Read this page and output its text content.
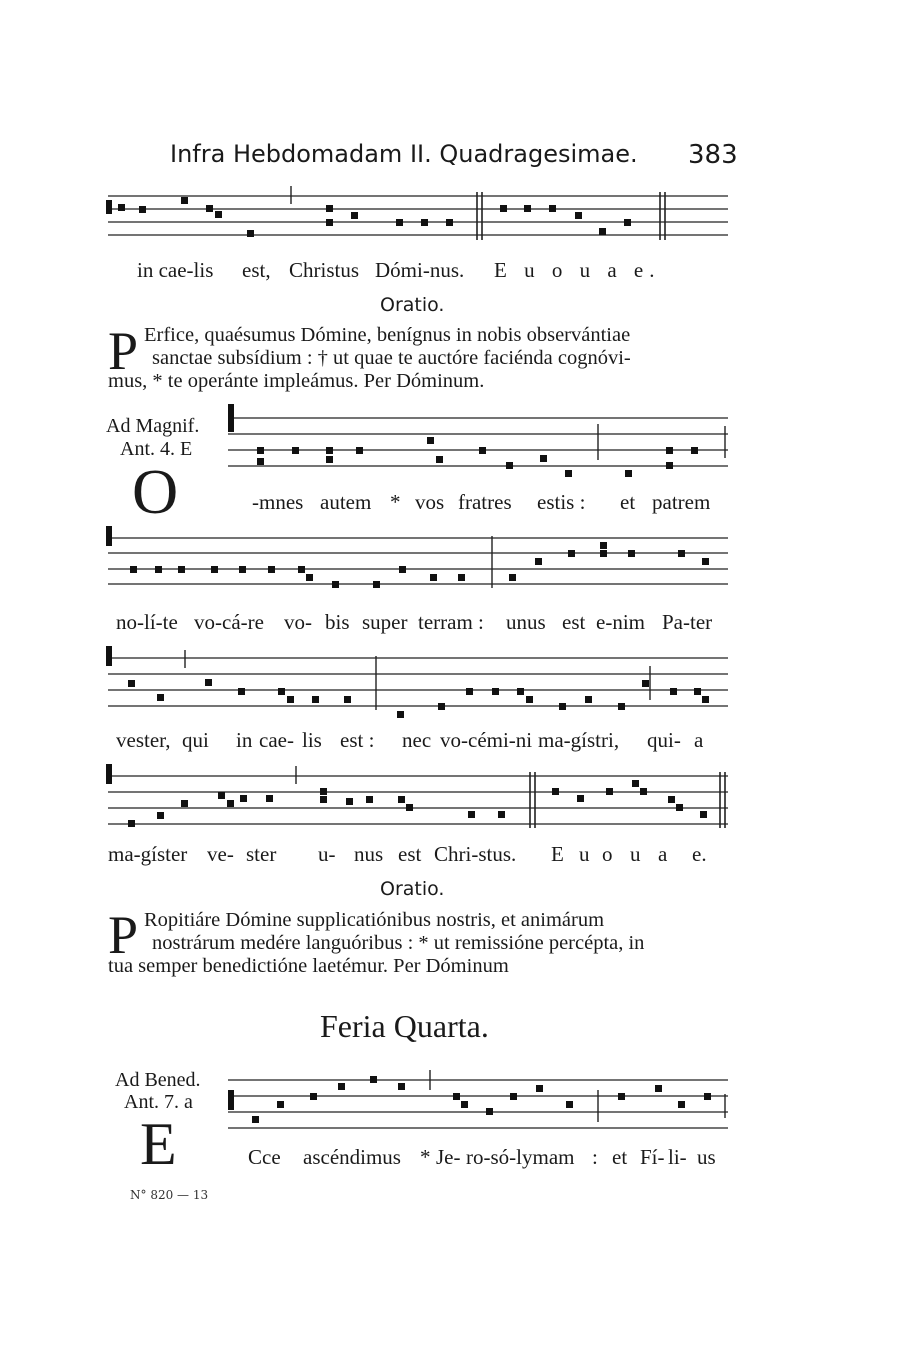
Infra Hebdomadam II. Quadragesimae. 383
in cae-lis est, Christus Dómi-nus. E u o u a e.
Oratio.
P Erfice, quaésumus Dómine, benígnus in nobis observántiae
sanctae subsídium : † ut quae te auctóre faciénda cognóvi-
mus, * te operánte impleámus. Per Dóminum.
Ad Magnif.
Ant. 4. E
O	-mnes autem * vos fratres estis : et patrem
no-lí-te vo-cá-re vo- bis super terram : unus est e-nim Pa-ter
vester, qui in cae- lis est : nec vo-cémi-ni ma-gístri, qui- a
ma-gíster ve- ster u- nus est Chri-stus. E u o u a e.
Oratio.
P Ropitiáre Dómine supplicatiónibus nostris, et animárum
nostrárum medére languóribus : * ut remissióne percépta, in
tua semper benedictióne laetémur. Per Dóminum
Feria Quarta.
Ad Bened.
Ant. 7. a
E	Cce ascéndimus * Je- ro-só-lymam : et Fí- li- us
N° 820 — 13
